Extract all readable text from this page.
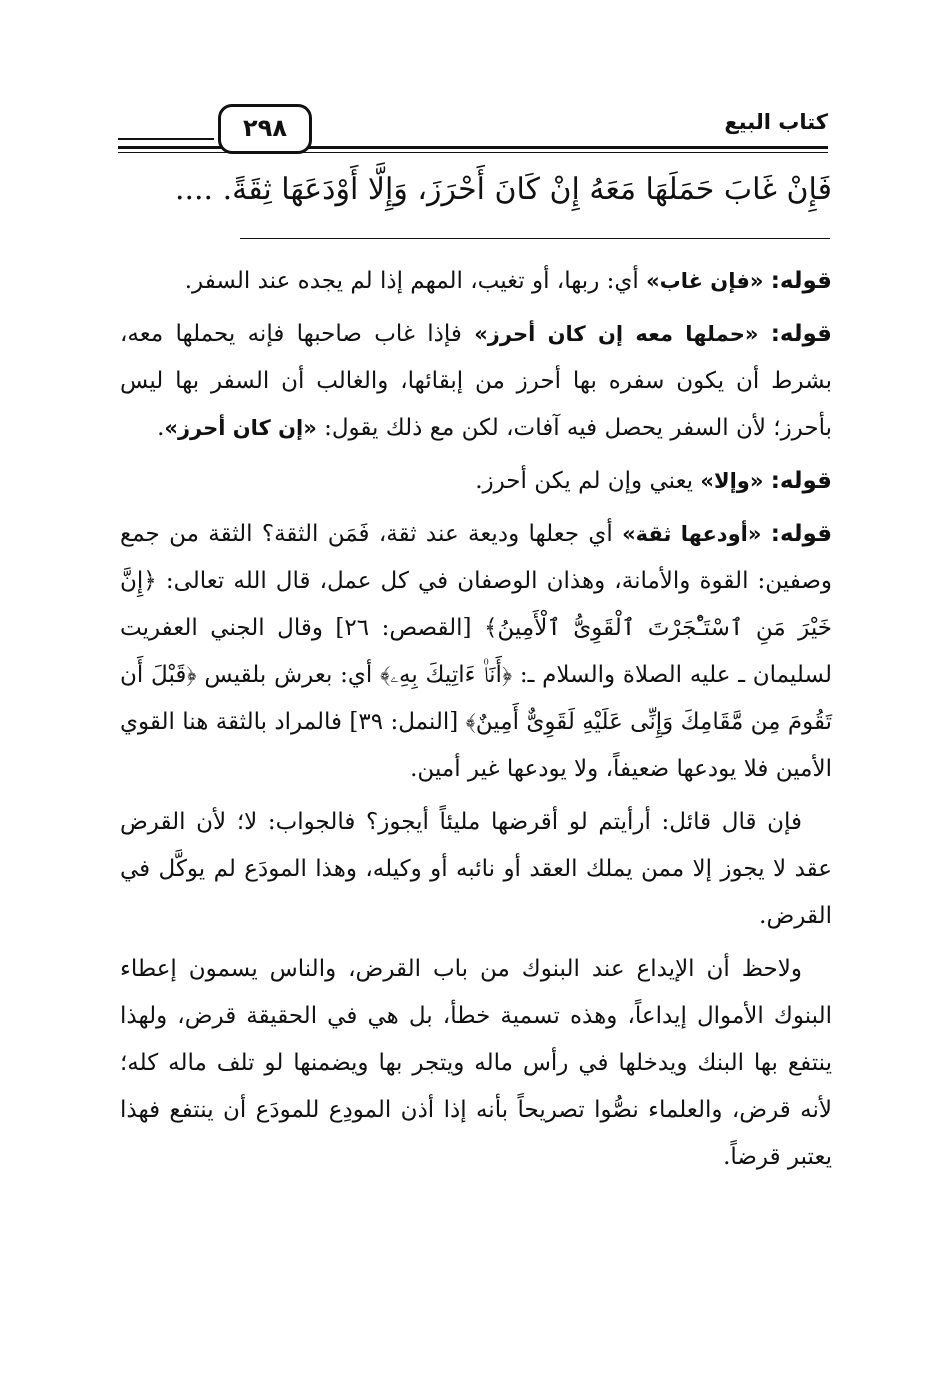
كتاب البيع
٢٩٨
فَإِنْ غَابَ حَمَلَهَا مَعَهُ إِنْ كَانَ أَحْرَزَ، وَإِلَّا أَوْدَعَهَا ثِقَةً. ....

قوله: «فإن غاب» أي: ربها، أو تغيب، المهم إذا لم يجده عند السفر.

قوله: «حملها معه إن كان أحرز» فإذا غاب صاحبها فإنه يحملها معه، بشرط أن يكون سفره بها أحرز من إبقائها، والغالب أن السفر بها ليس بأحرز؛ لأن السفر يحصل فيه آفات، لكن مع ذلك يقول: «إن كان أحرز».

قوله: «وإلا» يعني وإن لم يكن أحرز.

قوله: «أودعها ثقة» أي جعلها وديعة عند ثقة، فَمَن الثقة؟ الثقة من جمع وصفين: القوة والأمانة، وهذان الوصفان في كل عمل، قال الله تعالى: ﴿إِنَّ خَيْرَ مَنِ ٱسْتَـْٔجَرْتَ ٱلْقَوِىُّ ٱلْأَمِينُ﴾ [القصص: ٢٦] وقال الجني العفريت لسليمان ـ عليه الصلاة والسلام ـ: ﴿أَنَا۠ ءَاتِيكَ بِهِۦ﴾ أي: بعرش بلقيس ﴿قَبْلَ أَن تَقُومَ مِن مَّقَامِكَ وَإِنِّى عَلَيْهِ لَقَوِىٌّ أَمِينٌ﴾ [النمل: ٣٩] فالمراد بالثقة هنا القوي الأمين فلا يودعها ضعيفاً، ولا يودعها غير أمين.

فإن قال قائل: أرأيتم لو أقرضها مليئاً أيجوز؟ فالجواب: لا؛ لأن القرض عقد لا يجوز إلا ممن يملك العقد أو نائبه أو وكيله، وهذا المودَع لم يوكَّل في القرض.

ولاحظ أن الإيداع عند البنوك من باب القرض، والناس يسمون إعطاء البنوك الأموال إيداعاً، وهذه تسمية خطأ، بل هي في الحقيقة قرض، ولهذا ينتفع بها البنك ويدخلها في رأس ماله ويتجر بها ويضمنها لو تلف ماله كله؛ لأنه قرض، والعلماء نصُّوا تصريحاً بأنه إذا أذن المودِع للمودَع أن ينتفع فهذا يعتبر قرضاً.
